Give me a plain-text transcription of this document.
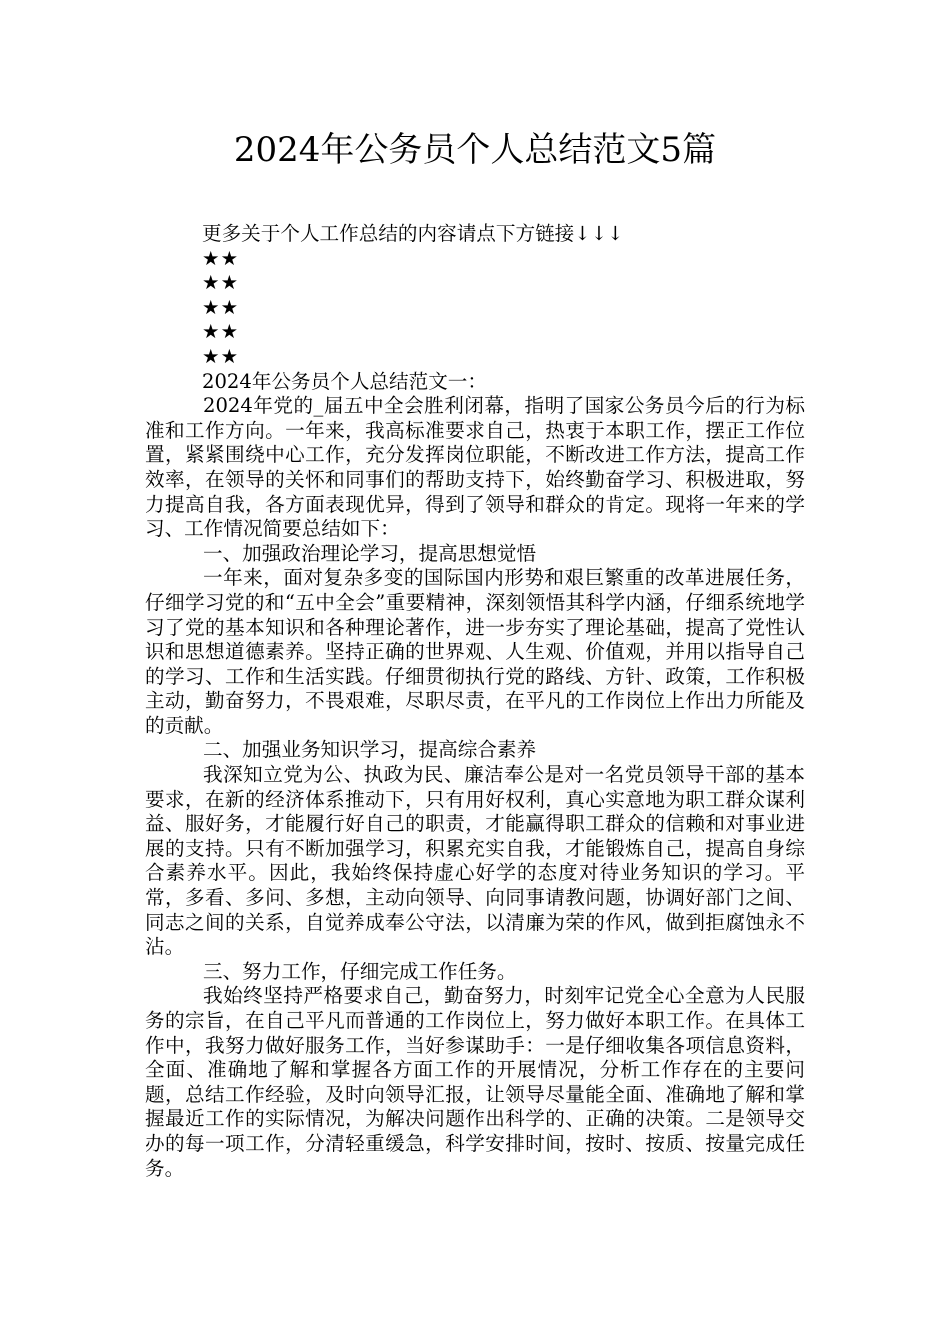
2024年公务员个人总结范文5篇
更多关于个人工作总结的内容请点下方链接↓↓↓
★★
★★
★★
★★
★★
2024年公务员个人总结范文一：

2024年党的_届五中全会胜利闭幕，指明了国家公务员今后的行为标准和工作方向。一年来，我高标准要求自己，热衷于本职工作，摆正工作位置，紧紧围绕中心工作，充分发挥岗位职能，不断改进工作方法，提高工作效率，在领导的关怀和同事们的帮助支持下，始终勤奋学习、积极进取，努力提高自我，各方面表现优异，得到了领导和群众的肯定。现将一年来的学习、工作情况简要总结如下：

一、加强政治理论学习，提高思想觉悟

一年来，面对复杂多变的国际国内形势和艰巨繁重的改革进展任务，仔细学习党的和“五中全会”重要精神，深刻领悟其科学内涵，仔细系统地学习了党的基本知识和各种理论著作，进一步夯实了理论基础，提高了党性认识和思想道德素养。坚持正确的世界观、人生观、价值观，并用以指导自己的学习、工作和生活实践。仔细贯彻执行党的路线、方针、政策，工作积极主动，勤奋努力，不畏艰难，尽职尽责，在平凡的工作岗位上作出力所能及的贡献。

二、加强业务知识学习，提高综合素养

我深知立党为公、执政为民、廉洁奉公是对一名党员领导干部的基本要求，在新的经济体系推动下，只有用好权利，真心实意地为职工群众谋利益、服好务，才能履行好自己的职责，才能赢得职工群众的信赖和对事业进展的支持。只有不断加强学习，积累充实自我，才能锻炼自己，提高自身综合素养水平。因此，我始终保持虚心好学的态度对待业务知识的学习。平常，多看、多问、多想，主动向领导、向同事请教问题，协调好部门之间、同志之间的关系，自觉养成奉公守法，以清廉为荣的作风，做到拒腐蚀永不沾。

三、努力工作，仔细完成工作任务。

我始终坚持严格要求自己，勤奋努力，时刻牢记党全心全意为人民服务的宗旨，在自己平凡而普通的工作岗位上，努力做好本职工作。在具体工作中，我努力做好服务工作，当好参谋助手：一是仔细收集各项信息资料，全面、准确地了解和掌握各方面工作的开展情况，分析工作存在的主要问题，总结工作经验，及时向领导汇报，让领导尽量能全面、准确地了解和掌握最近工作的实际情况，为解决问题作出科学的、正确的决策。二是领导交办的每一项工作，分清轻重缓急，科学安排时间，按时、按质、按量完成任务。
